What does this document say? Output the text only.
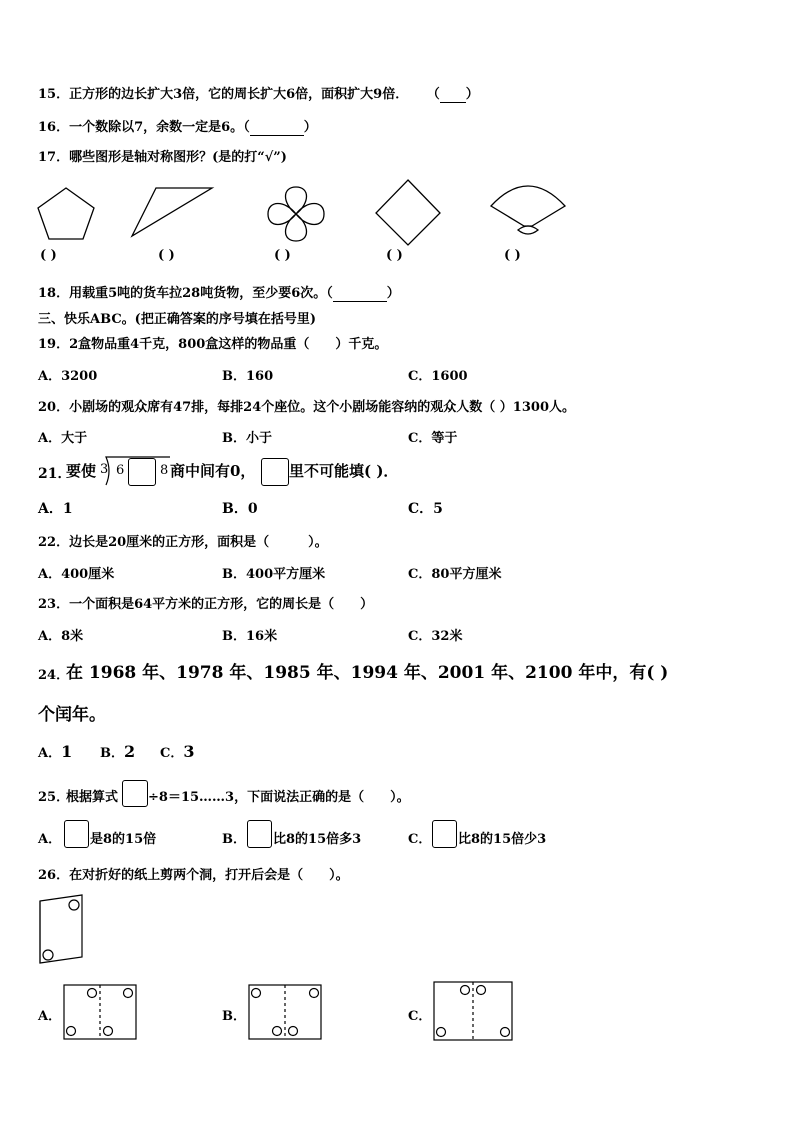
15．正方形的边长扩大3倍，它的周长扩大6倍，面积扩大9倍． （ ）
16．一个数除以7，余数一定是6。（	）
17．哪些图形是轴对称图形？(是的打“√”)
( )	( )	( )	( )	( )
18．用载重5吨的货车拉28吨货物，至少要6次。（	）
三、快乐ABC。(把正确答案的序号填在括号里)
19．2盒物品重4千克，800盒这样的物品重（　　）千克。
A．3200	B．160	C．1600
20．小剧场的观众席有47排，每排24个座位。这个小剧场能容纳的观众人数（ ）1300人。
A．大于	B．小于	C．等于
21．
要使 3 6	8 商中间有0， 里不可能填( )．
A．1	B．0	C．5
22．边长是20厘米的正方形，面积是（　　　）。
A．400厘米	B．400平方厘米	C．80平方厘米
23．一个面积是64平方米的正方形，它的周长是（　　）
A．8米	B．16米	C．32米
24．
在 1968 年、1978 年、1985 年、1994 年、2001 年、2100 年中，有( )
个闰年。
A．1 B．2 C．3
25．
根据算式 ÷8＝15……3，下面说法正确的是（　　）。
A． 是8的15倍	B． 比8的15倍多3	C． 比8的15倍少3
26．在对折好的纸上剪两个洞，打开后会是（　　）。
A．	B．	C．
